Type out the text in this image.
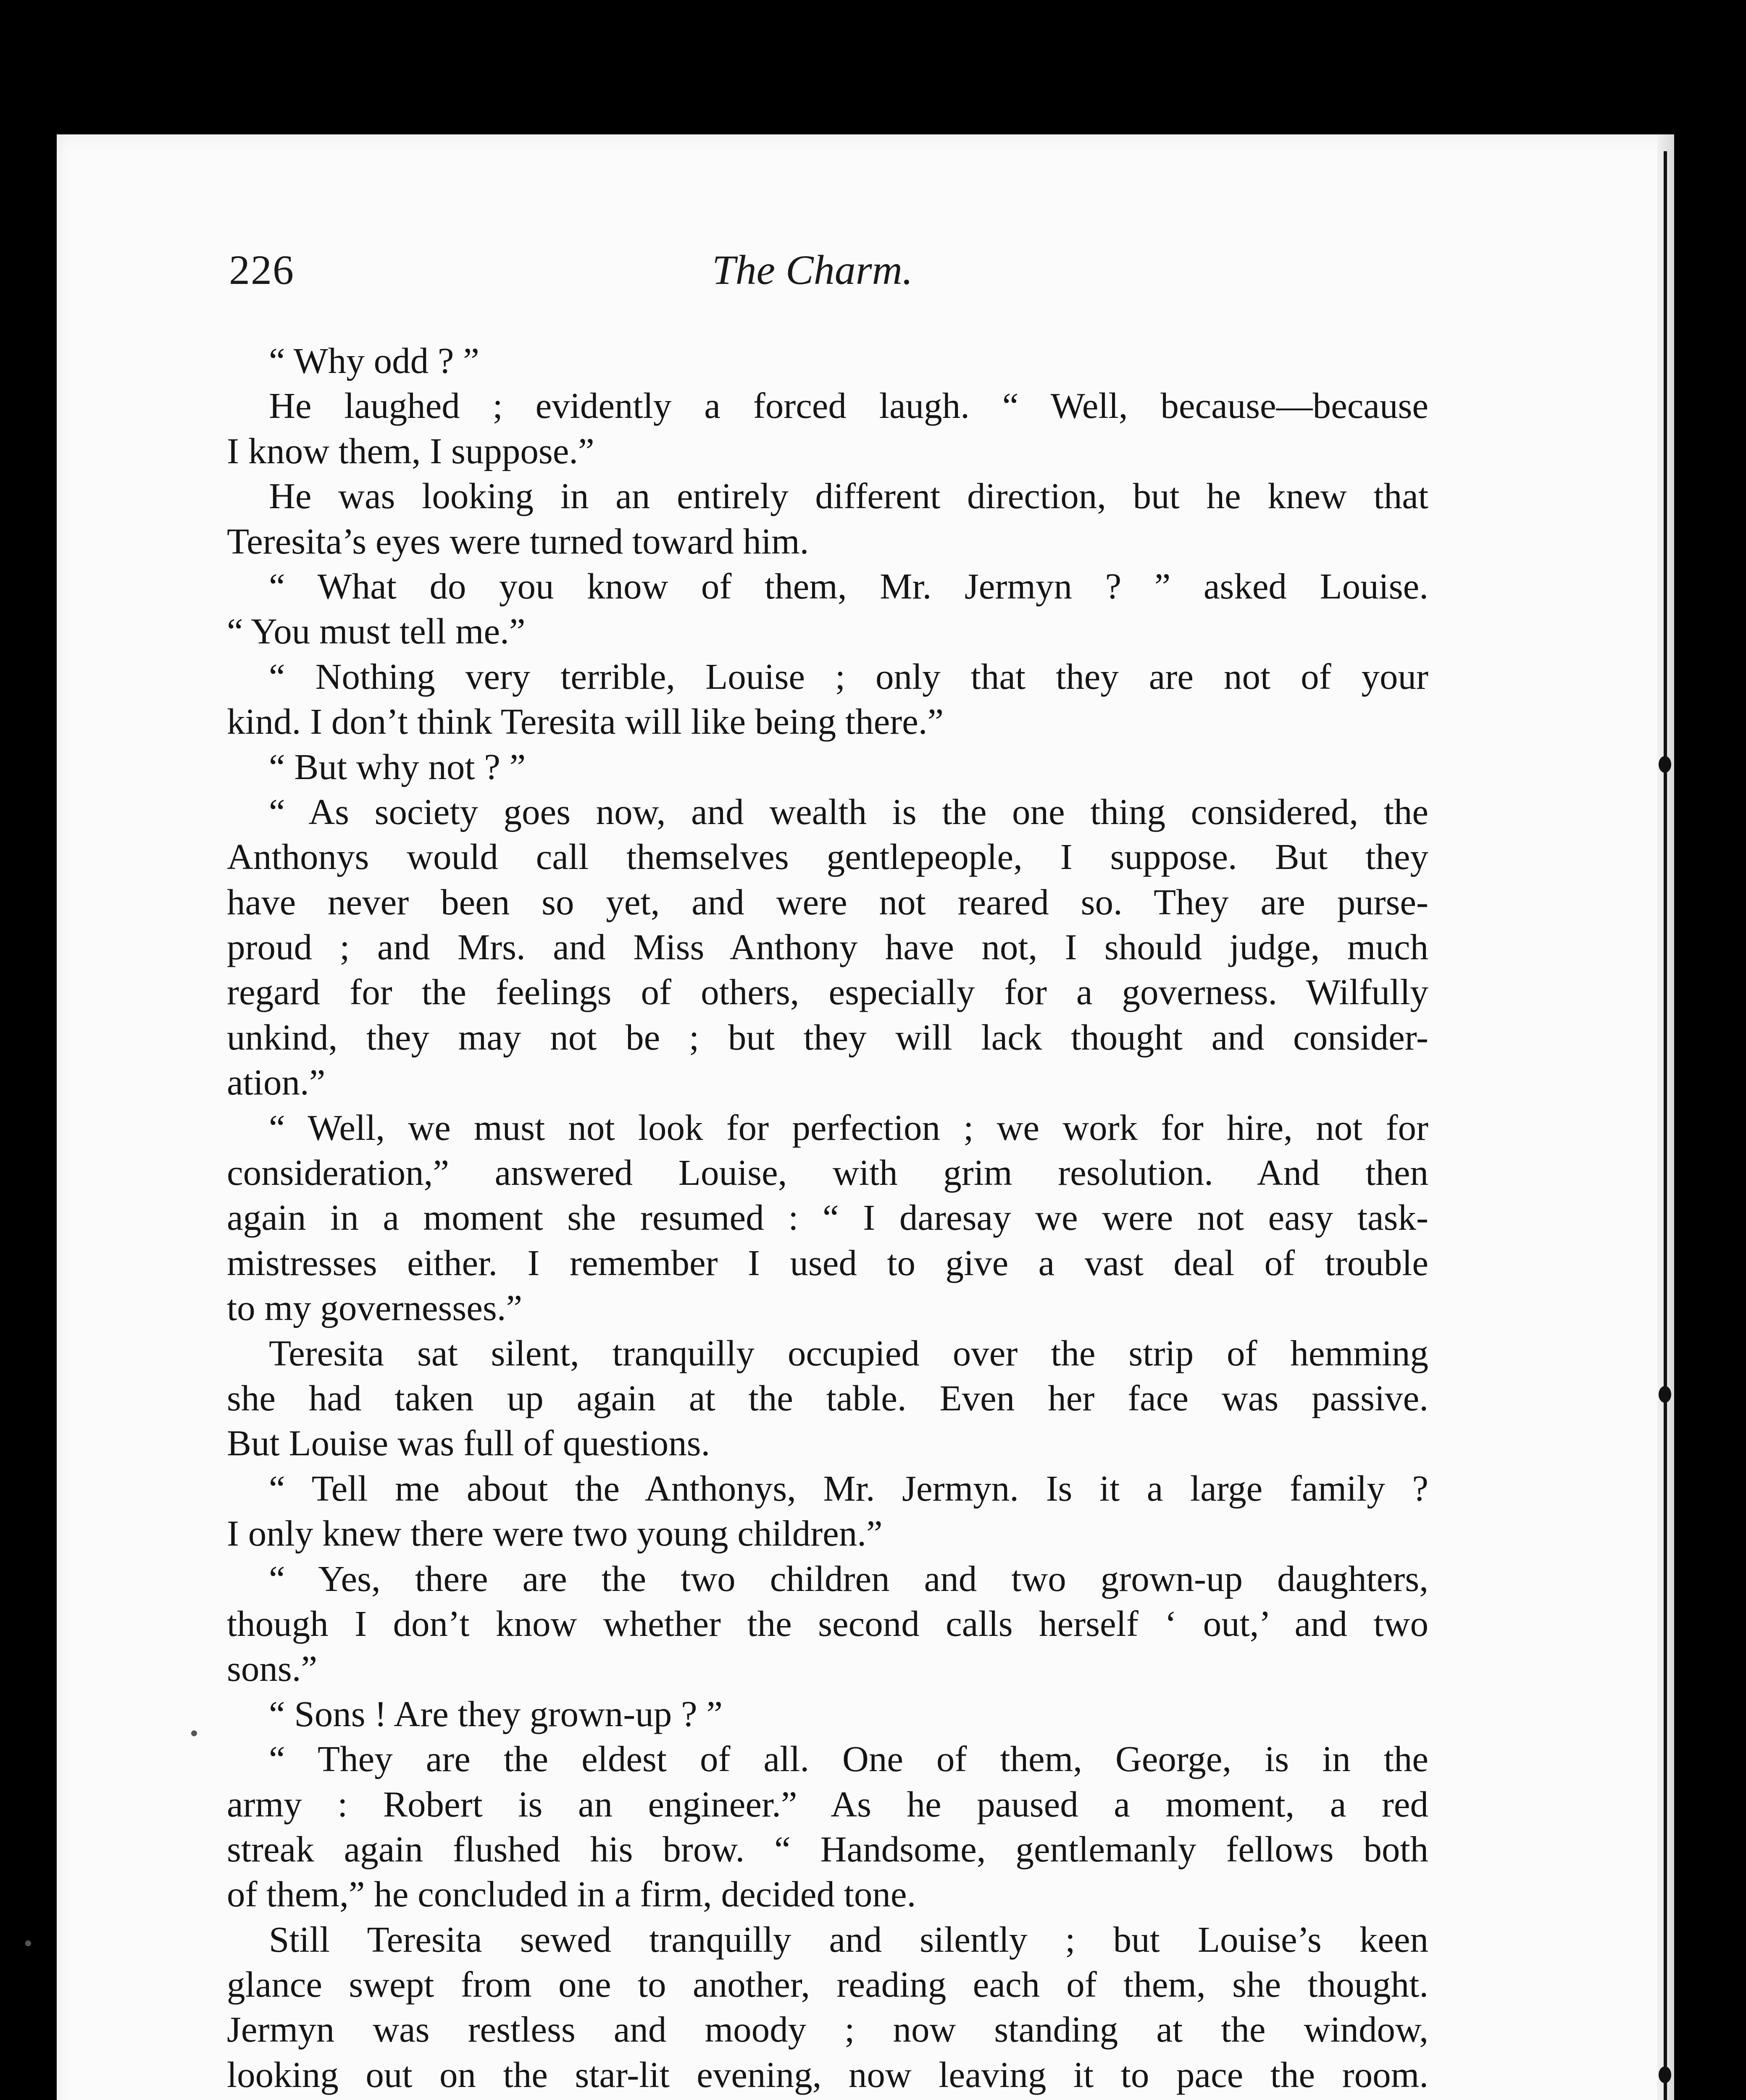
226	The Charm.
“ Why odd ? ”
He laughed ; evidently a forced laugh. “ Well, because—because
I know them, I suppose.”
He was looking in an entirely different direction, but he knew that
Teresita’s eyes were turned toward him.
“ What do you know of them, Mr. Jermyn ? ” asked Louise.
“ You must tell me.”
“ Nothing very terrible, Louise ; only that they are not of your
kind. I don’t think Teresita will like being there.”
“ But why not ? ”
“ As society goes now, and wealth is the one thing considered, the
Anthonys would call themselves gentlepeople, I suppose. But they
have never been so yet, and were not reared so. They are purse-
proud ; and Mrs. and Miss Anthony have not, I should judge, much
regard for the feelings of others, especially for a governess. Wilfully
unkind, they may not be ; but they will lack thought and consider-
ation.”
“ Well, we must not look for perfection ; we work for hire, not for
consideration,” answered Louise, with grim resolution. And then
again in a moment she resumed : “ I daresay we were not easy task-
mistresses either. I remember I used to give a vast deal of trouble
to my governesses.”
Teresita sat silent, tranquilly occupied over the strip of hemming
she had taken up again at the table. Even her face was passive.
But Louise was full of questions.
“ Tell me about the Anthonys, Mr. Jermyn. Is it a large family ?
I only knew there were two young children.”
“ Yes, there are the two children and two grown-up daughters,
though I don’t know whether the second calls herself ‘ out,’ and two
sons.”
“ Sons ! Are they grown-up ? ”
“ They are the eldest of all. One of them, George, is in the
army : Robert is an engineer.” As he paused a moment, a red
streak again flushed his brow. “ Handsome, gentlemanly fellows both
of them,” he concluded in a firm, decided tone.
Still Teresita sewed tranquilly and silently ; but Louise’s keen
glance swept from one to another, reading each of them, she thought.
Jermyn was restless and moody ; now standing at the window,
looking out on the star-lit evening, now leaving it to pace the room.
